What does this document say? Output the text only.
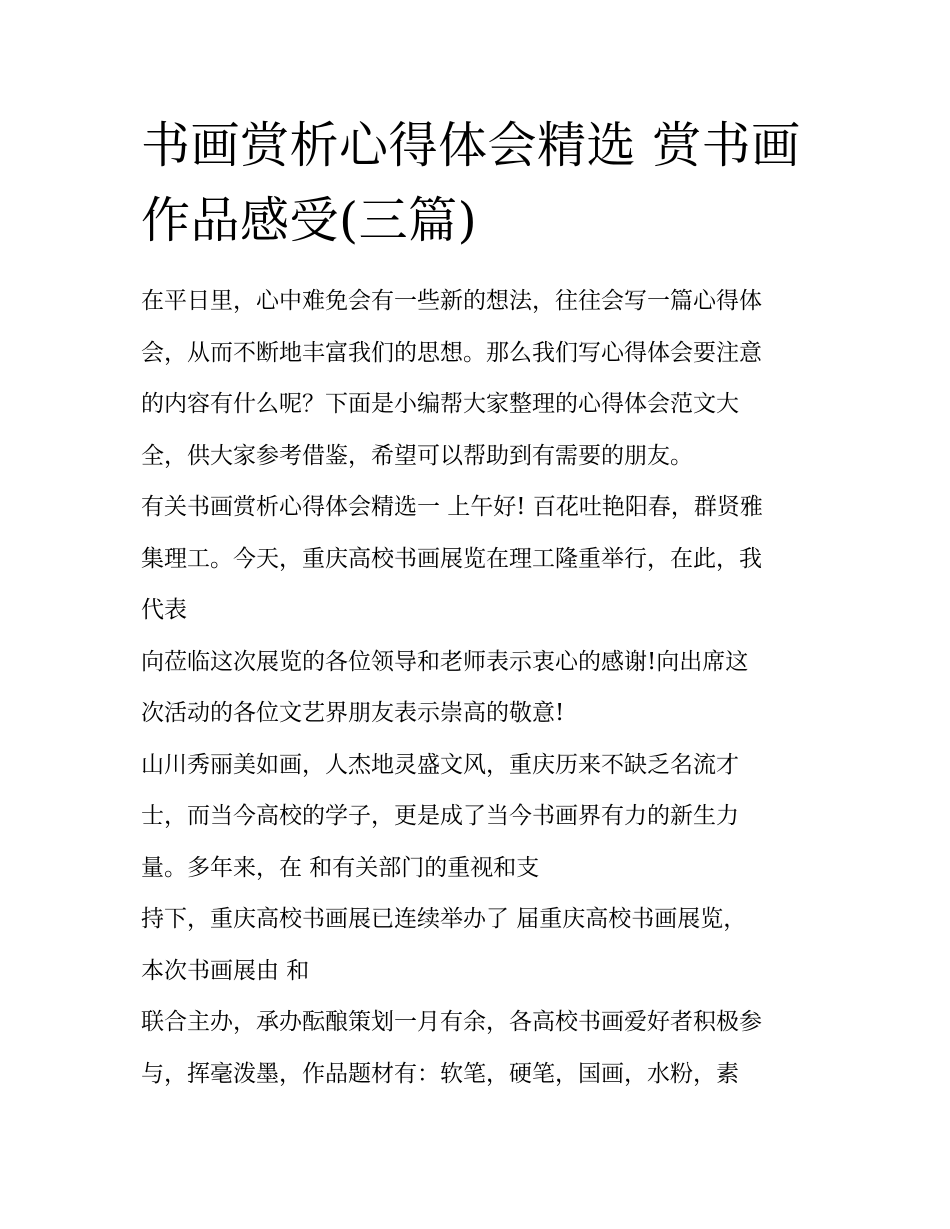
书画赏析心得体会精选 赏书画
作品感受(三篇)
在平日里，心中难免会有一些新的想法，往往会写一篇心得体
会，从而不断地丰富我们的思想。那么我们写心得体会要注意
的内容有什么呢？下面是小编帮大家整理的心得体会范文大
全，供大家参考借鉴，希望可以帮助到有需要的朋友。
有关书画赏析心得体会精选一 上午好! 百花吐艳阳春，群贤雅
集理工。今天，重庆高校书画展览在理工隆重举行，在此，我
代表
向莅临这次展览的各位领导和老师表示衷心的感谢!向出席这
次活动的各位文艺界朋友表示崇高的敬意!
山川秀丽美如画，人杰地灵盛文风，重庆历来不缺乏名流才
士，而当今高校的学子，更是成了当今书画界有力的新生力
量。多年来，在 和有关部门的重视和支
持下，重庆高校书画展已连续举办了 届重庆高校书画展览，
本次书画展由 和
联合主办，承办酝酿策划一月有余，各高校书画爱好者积极参
与，挥毫泼墨，作品题材有：软笔，硬笔，国画，水粉，素
